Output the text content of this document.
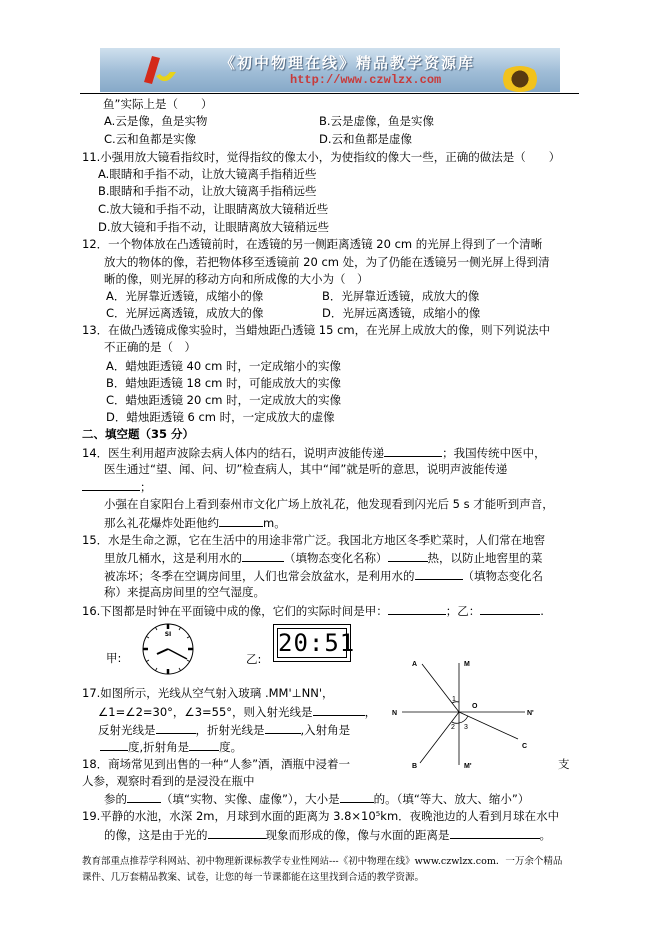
《初中物理在线》精品教学资源库
http://www.czwlzx.com
鱼”实际上是（　　）
A.云是像，鱼是实物	B.云是虚像，鱼是实像
C.云和鱼都是实像	D.云和鱼都是虚像
11.小强用放大镜看指纹时，觉得指纹的像太小，为使指纹的像大一些，正确的做法是（　　）
A.眼睛和手指不动，让放大镜离手指稍近些
B.眼睛和手指不动，让放大镜离手指稍远些
C.放大镜和手指不动，让眼睛离放大镜稍近些
D.放大镜和手指不动，让眼睛离放大镜稍远些
12．一个物体放在凸透镜前时，在透镜的另一侧距离透镜 20 cm 的光屏上得到了一个清晰
放大的物体的像，若把物体移至透镜前 20 cm 处，为了仍能在透镜另一侧光屏上得到清
晰的像，则光屏的移动方向和所成像的大小为（　）
A．光屏靠近透镜，成缩小的像	B．光屏靠近透镜，成放大的像
C．光屏远离透镜，成放大的像	D．光屏远离透镜，成缩小的像
13．在做凸透镜成像实验时，当蜡烛距凸透镜 15 cm，在光屏上成放大的像，则下列说法中
不正确的是（　）
A．蜡烛距透镜 40 cm 时，一定成缩小的实像
B．蜡烛距透镜 18 cm 时，可能成放大的实像
C．蜡烛距透镜 20 cm 时，一定成放大的实像
D．蜡烛距透镜 6 cm 时，一定成放大的虚像
二、填空题（35 分）
14．医生利用超声波除去病人体内的结石，说明声波能传递	；我国传统中医中，
医生通过“望、闻、问、切”检查病人，其中“闻”就是听的意思，说明声波能传递
；
小强在自家阳台上看到泰州市文化广场上放礼花，他发现看到闪光后 5 s 才能听到声音，
那么礼花爆炸处距他约	m。
15．水是生命之源，它在生活中的用途非常广泛。我国北方地区冬季贮菜时，人们常在地窖
里放几桶水，这是利用水的	（填物态变化名称）	热，以防止地窖里的菜
被冻坏；冬季在空调房间里，人们也常会放盆水，是利用水的	（填物态变化名
称）来提高房间里的空气湿度。
16.下图都是时钟在平面镜中成的像，它们的实际时间是甲：	；乙：	.
甲:
SI
乙:
20:51
17.如图所示，光线从空气射入玻璃 .MM'⊥NN'，
∠1=∠2=30°，∠3=55°，则入射光线是	，
反射光线是	，折射光线是	,入射角是
度,折射角是	度。
A	M
N	N'
O
1
2 3
C
B	M'
18．商场常见到出售的一种“人参”酒，酒瓶中浸着一	支
人参，观察时看到的是浸没在瓶中
参的	（填“实物、实像、虚像”），大小是	的。（填“等大、放大、缩小”）
19.平静的水池，水深 2m，月球到水面的距离为 3.8×10⁵km．夜晚池边的人看到月球在水中
的像，这是由于光的	现象而形成的像，像与水面的距离是	。
教育部重点推荐学科网站、初中物理新课标教学专业性网站---《初中物理在线》www.czwlzx.com．一万余个精品
课件、几万套精品教案、试卷，让您的每一节课都能在这里找到合适的教学资源。
